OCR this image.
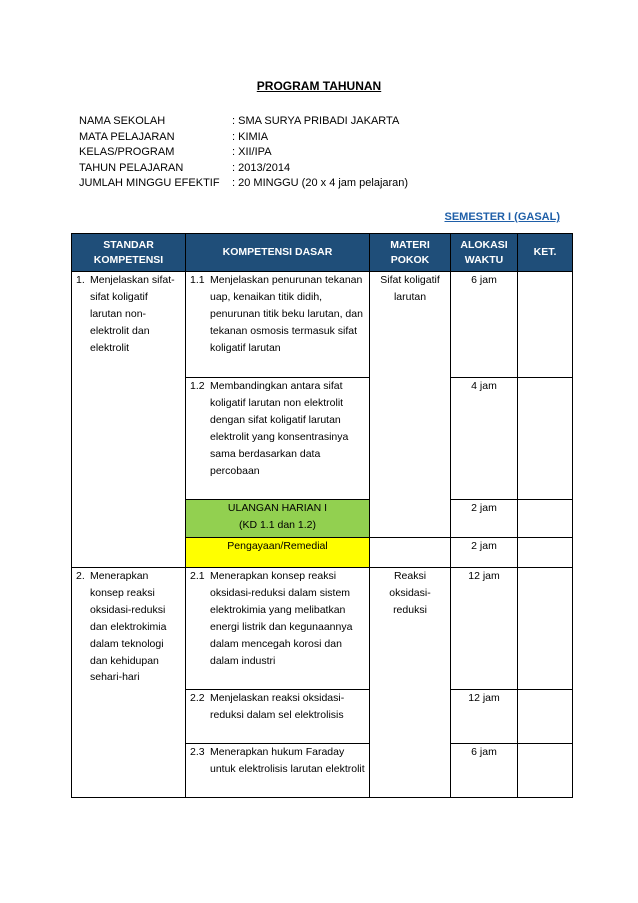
PROGRAM TAHUNAN
NAMA SEKOLAH	: SMA SURYA PRIBADI JAKARTA
MATA PELAJARAN	: KIMIA
KELAS/PROGRAM	: XII/IPA
TAHUN PELAJARAN	: 2013/2014
JUMLAH MINGGU EFEKTIF	: 20 MINGGU (20 x 4 jam pelajaran)
SEMESTER I (GASAL)
STANDAR KOMPETENSI	KOMPETENSI DASAR	MATERI POKOK	ALOKASI WAKTU	KET.

1. Menjelaskan sifat-sifat koligatif larutan non-elektrolit dan elektrolit	1.1 Menjelaskan penurunan tekanan uap, kenaikan titik didih, penurunan titik beku larutan, dan tekanan osmosis termasuk sifat koligatif larutan	Sifat koligatif larutan	6 jam	

	1.2 Membandingkan antara sifat koligatif larutan non elektrolit dengan sifat koligatif larutan elektrolit yang konsentrasinya sama berdasarkan data percobaan		4 jam	

	ULANGAN HARIAN I
(KD 1.1 dan 1.2)		2 jam	
	Pengayaan/Remedial		2 jam	

2. Menerapkan konsep reaksi oksidasi-reduksi dan elektrokimia dalam teknologi dan kehidupan sehari-hari	2.1 Menerapkan konsep reaksi oksidasi-reduksi dalam sistem elektrokimia yang melibatkan energi listrik dan kegunaannya dalam mencegah korosi dan dalam industri	Reaksi oksidasi-reduksi	12 jam	

	2.2 Menjelaskan reaksi oksidasi-reduksi dalam sel elektrolisis		12 jam	

	2.3 Menerapkan hukum Faraday untuk elektrolisis larutan elektrolit		6 jam	
